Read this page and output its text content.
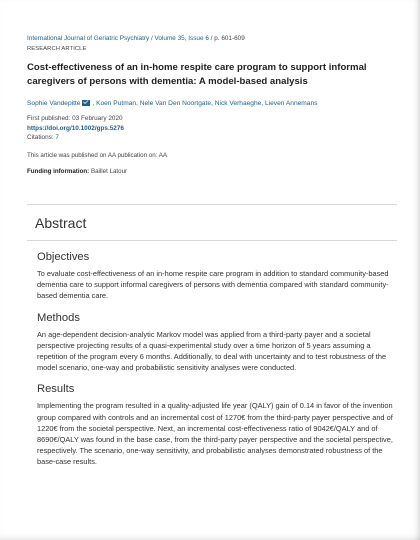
International Journal of Geriatric Psychiatry / Volume 35, Issue 6 / p. 601-609
RESEARCH ARTICLE
Cost-effectiveness of an in-home respite care program to support informal caregivers of persons with dementia: A model-based analysis
Sophie Vandepitte , Koen Putman, Nele Van Den Noortgate, Nick Verhaeghe, Lieven Annemans
First published: 03 February 2020
https://doi.org/10.1002/gps.5276
Citations: 7
This article was published on AA publication on: AA
Funding information: Baillet Latour
Abstract
Objectives

To evaluate cost-effectiveness of an in-home respite care program in addition to standard community-based dementia care to support informal caregivers of persons with dementia compared with standard community-based dementia care.

Methods

An age-dependent decision-analytic Markov model was applied from a third-party payer and a societal perspective projecting results of a quasi-experimental study over a time horizon of 5 years assuming a repetition of the program every 6 months. Additionally, to deal with uncertainty and to test robustness of the model scenario, one-way and probabilistic sensitivity analyses were conducted.

Results

Implementing the program resulted in a quality-adjusted life year (QALY) gain of 0.14 in favor of the invention group compared with controls and an incremental cost of 1270€ from the third-party payer perspective and of 1220€ from the societal perspective. Next, an incremental cost-effectiveness ratio of 9042€/QALY and of 8690€/QALY was found in the base case, from the third-party payer perspective and the societal perspective, respectively. The scenario, one-way sensitivity, and probabilistic analyses demonstrated robustness of the base-case results.
